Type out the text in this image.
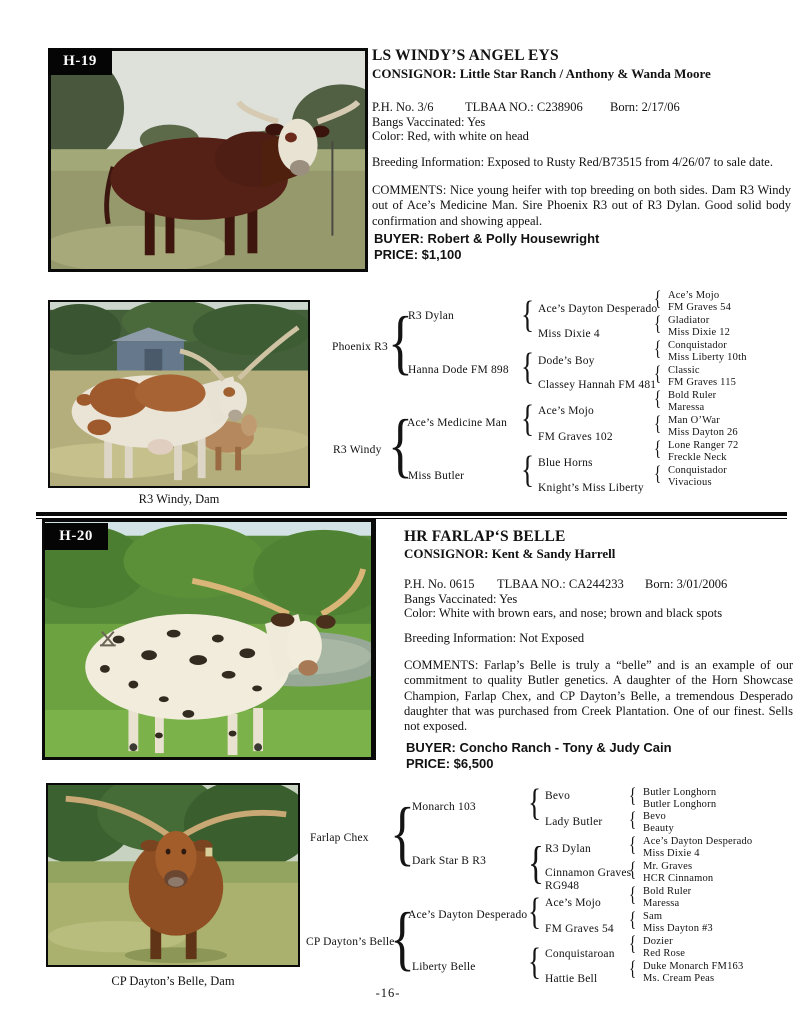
H-19	LS WINDY’S ANGEL EYS
CONSIGNOR: Little Star Ranch / Anthony & Wanda Moore
P.H. No. 3/6	TLBAA NO.: C238906 Born: 2/17/06
Bangs Vaccinated: Yes
Color: Red, with white on head
Breeding Information: Exposed to Rusty Red/B73515 from 4/26/07 to sale date.
COMMENTS: Nice young heifer with top breeding on both sides. Dam R3 Windy out of Ace’s Medicine Man. Sire Phoenix R3 out of R3 Dylan. Good solid body confirmation and showing appeal.
BUYER: Robert & Polly Housewright
PRICE: $1,100
R3 Windy, Dam
Phoenix R3
R3 Windy
{
{
R3 Dylan
Hanna Dode FM 898
Ace’s Medicine Man
Miss Butler
{
{
{
{
Ace’s Dayton Desperado
Miss Dixie 4
Dode’s Boy
Classey Hannah FM 481
Ace’s Mojo
FM Graves 102
Blue Horns
Knight’s Miss Liberty
{
{
{
{
{
{
{
{
Ace’s Mojo
FM Graves 54
Gladiator
Miss Dixie 12
Conquistador
Miss Liberty 10th
Classic
FM Graves 115
Bold Ruler
Maressa
Man O’War
Miss Dayton 26
Lone Ranger 72
Freckle Neck
Conquistador
Vivacious
H-20	HR FARLAP‘S BELLE
CONSIGNOR: Kent & Sandy Harrell
P.H. No. 0615 TLBAA NO.: CA244233 Born: 3/01/2006
Bangs Vaccinated: Yes
Color: White with brown ears, and nose; brown and black spots
Breeding Information: Not Exposed
COMMENTS: Farlap’s Belle is truly a “belle” and is an example of our commitment to quality Butler genetics. A daughter of the Horn Showcase Champion, Farlap Chex, and CP Dayton’s Belle, a tremendous Desperado daughter that was purchased from Creek Plantation. One of our finest. Sells not exposed.
BUYER: Concho Ranch - Tony & Judy Cain
PRICE: $6,500
CP Dayton’s Belle, Dam
Farlap Chex
CP Dayton’s Belle
{
{
Monarch 103
Dark Star B R3
Ace’s Dayton Desperado
Liberty Belle
{
{
{
{
Bevo
Lady Butler
R3 Dylan
Cinnamon Graves RG948
Ace’s Mojo
FM Graves 54
Conquistaroan
Hattie Bell
{
{
{
{
{
{
{
{
Butler Longhorn
Butler Longhorn
Bevo
Beauty
Ace’s Dayton Desperado
Miss Dixie 4
Mr. Graves
HCR Cinnamon
Bold Ruler
Maressa
Sam
Miss Dayton #3
Dozier
Red Rose
Duke Monarch FM163
Ms. Cream Peas
-16-
